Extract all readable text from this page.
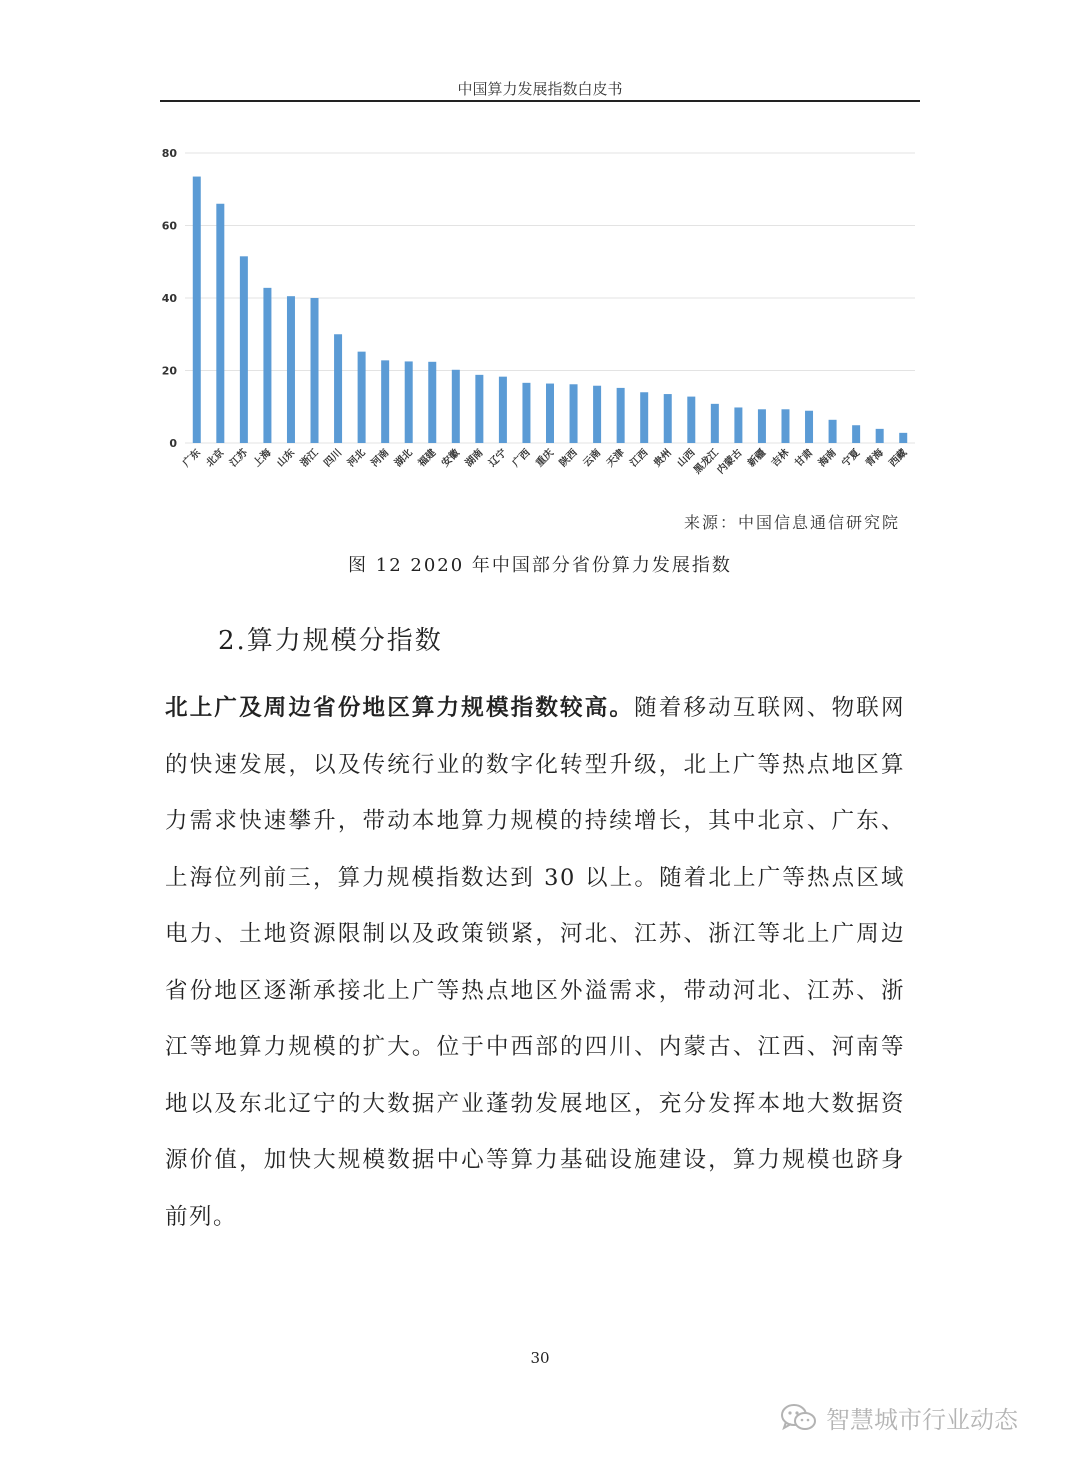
中国算力发展指数白皮书
0
20
40
60
80
广东 北京 江苏 上海 山东 浙江 四川 河北 河南 湖北 福建 安徽 湖南 辽宁 广西 重庆 陕西 云南 天津 江西 贵州 山西
黑龙江
内蒙古 新疆 吉林 甘肃 海南 宁夏 青海 西藏
来源：中国信息通信研究院
图 12 2020 年中国部分省份算力发展指数
2.算力规模分指数
北上广及周边省份地区算力规模指数较高。随着移动互联网、物联网的快速发展，以及传统行业的数字化转型升级，北上广等热点地区算力需求快速攀升，带动本地算力规模的持续增长，其中北京、广东、上海位列前三，算力规模指数达到 30 以上。随着北上广等热点区域电力、土地资源限制以及政策锁紧，河北、江苏、浙江等北上广周边省份地区逐渐承接北上广等热点地区外溢需求，带动河北、江苏、浙江等地算力规模的扩大。位于中西部的四川、内蒙古、江西、河南等地以及东北辽宁的大数据产业蓬勃发展地区，充分发挥本地大数据资源价值，加快大规模数据中心等算力基础设施建设，算力规模也跻身前列。
30
智慧城市行业动态
